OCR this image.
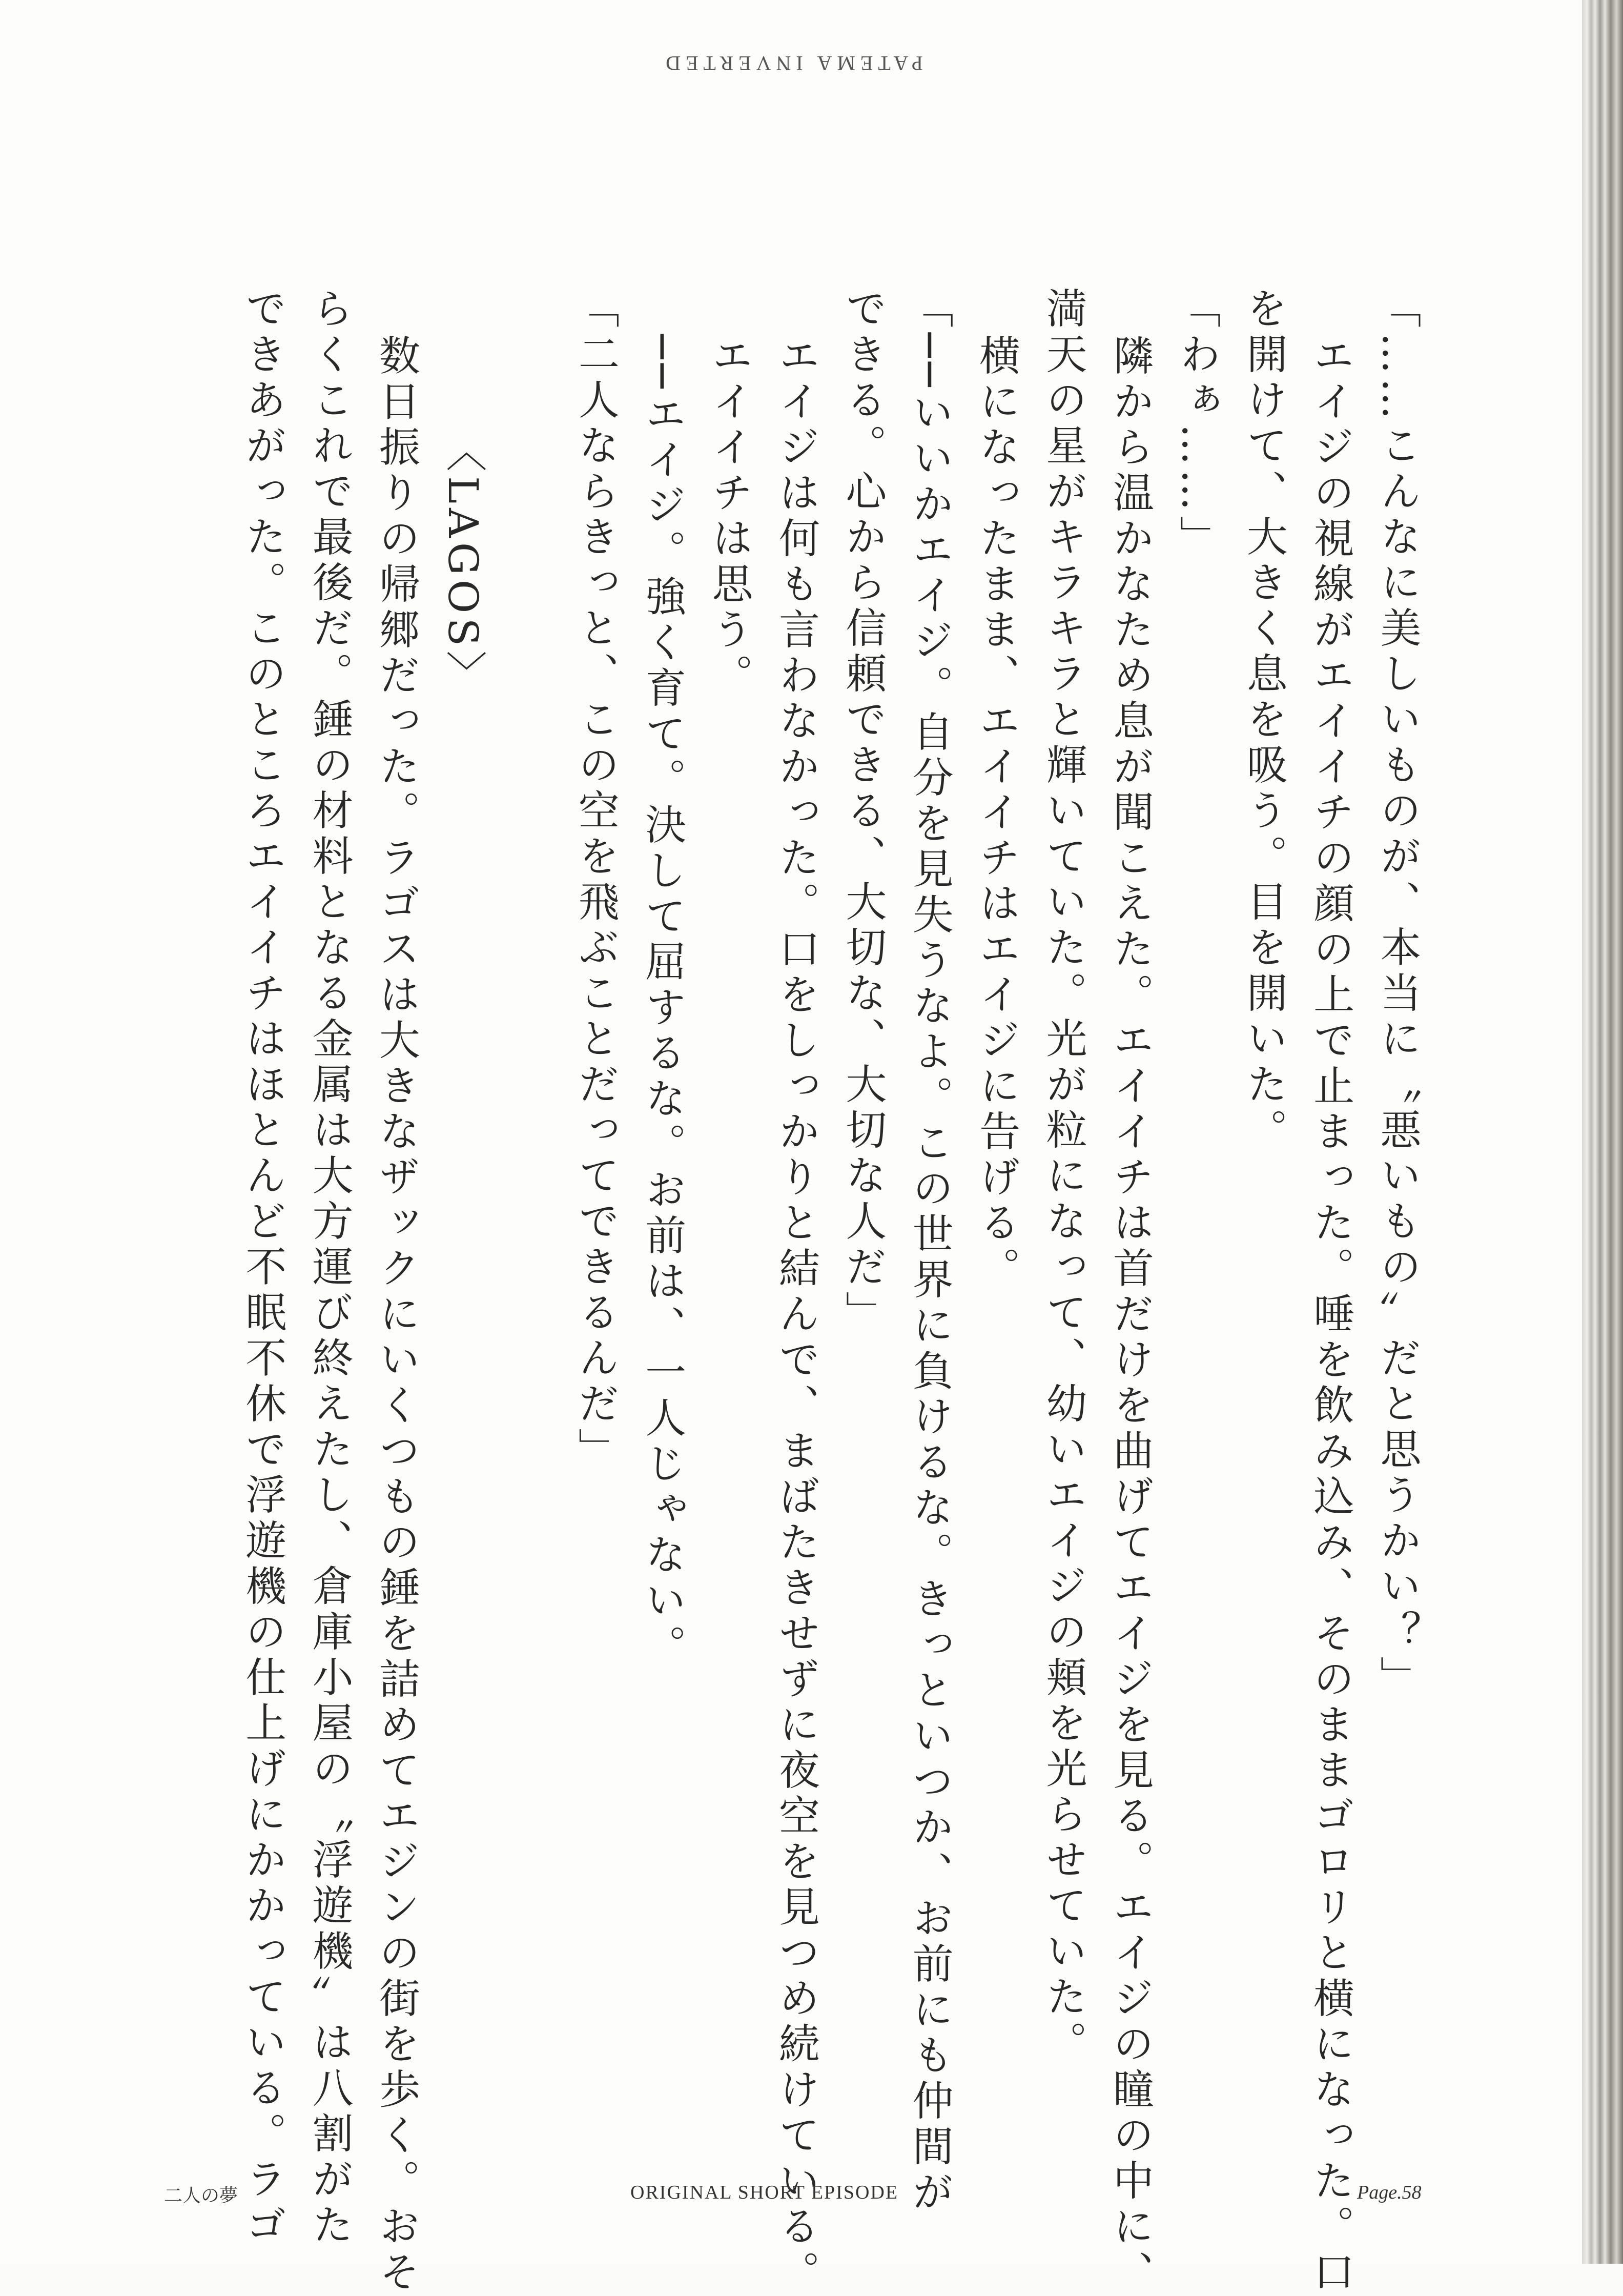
PATEMA INVERTED
「……こんなに美しいものが、本当に〝悪いもの〟だと思うかい？」
エイジの視線がエイイチの顔の上で止まった。唾を飲み込み、そのままゴロリと横になった。口
を開けて、大きく息を吸う。目を開いた。
「わぁ……」
隣から温かなため息が聞こえた。エイイチは首だけを曲げてエイジを見る。エイジの瞳の中に、
満天の星がキラキラと輝いていた。光が粒になって、幼いエイジの頬を光らせていた。
横になったまま、エイイチはエイジに告げる。
「──いいかエイジ。自分を見失うなよ。この世界に負けるな。きっといつか、お前にも仲間が
できる。心から信頼できる、大切な、大切な人だ」
エイジは何も言わなかった。口をしっかりと結んで、まばたきせずに夜空を見つめ続けている。
エイイチは思う。
──エイジ。強く育て。決して屈するな。お前は、一人じゃない。
「二人ならきっと、この空を飛ぶことだってできるんだ」
〈LAGOS〉
数日振りの帰郷だった。ラゴスは大きなザックにいくつもの錘を詰めてエジンの街を歩く。おそ
らくこれで最後だ。錘の材料となる金属は大方運び終えたし、倉庫小屋の〝浮遊機〟は八割がた
できあがった。このところエイイチはほとんど不眠不休で浮遊機の仕上げにかかっている。ラゴ
二人の夢	ORIGINAL SHORT EPISODE	Page.58
